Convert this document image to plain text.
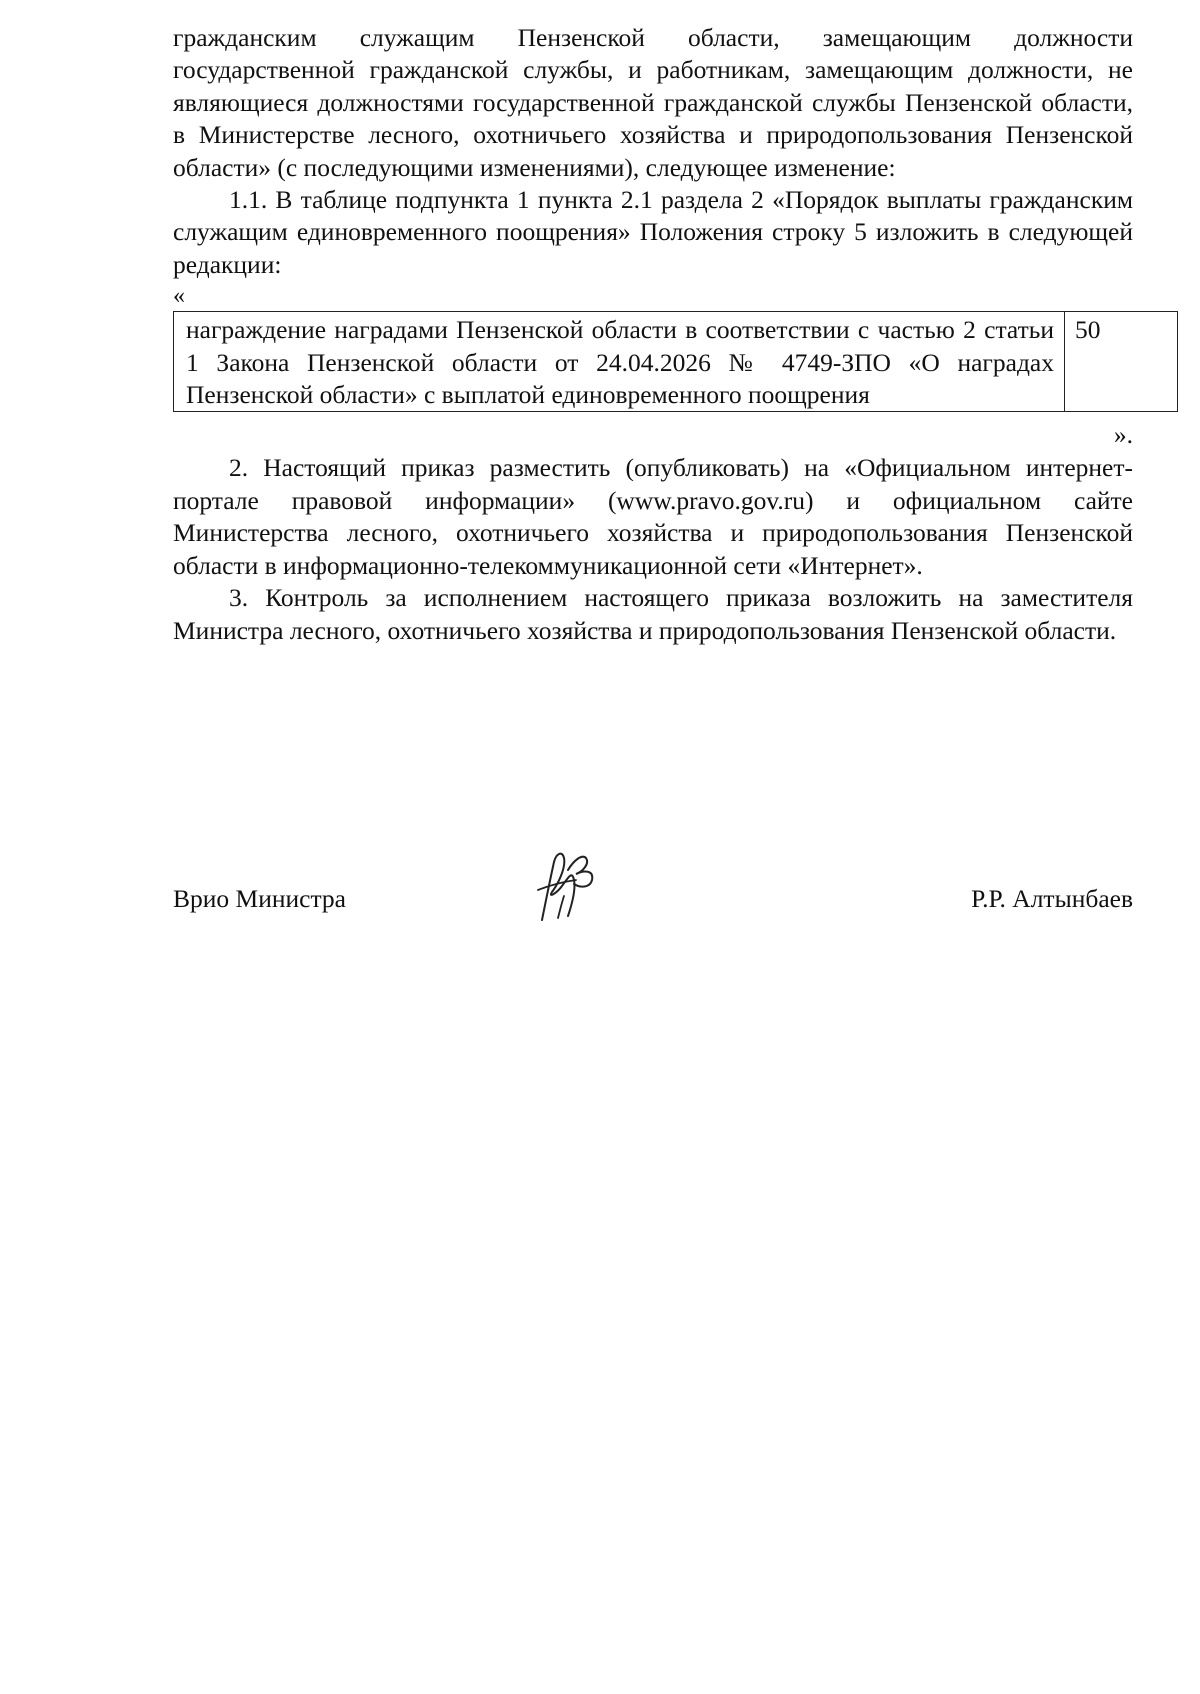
гражданским служащим Пензенской области, замещающим должности государственной гражданской службы, и работникам, замещающим должности, не являющиеся должностями государственной гражданской службы Пензенской области, в Министерстве лесного, охотничьего хозяйства и природопользования Пензенской области» (с последующими изменениями), следующее изменение:

1.1. В таблице подпункта 1 пункта 2.1 раздела 2 «Порядок выплаты гражданским служащим единовременного поощрения» Положения строку 5 изложить в следующей редакции:

«
награждение наградами Пензенской области в соответствии с частью 2 статьи 1 Закона Пензенской области от 24.04.2026 № 4749-ЗПО «О наградах Пензенской области» с выплатой единовременного поощрения	50
».

2. Настоящий приказ разместить (опубликовать) на «Официальном интернет-портале правовой информации» (www.pravo.gov.ru) и официальном сайте Министерства лесного, охотничьего хозяйства и природопользования Пензенской области в информационно-телекоммуникационной сети «Интернет».

3. Контроль за исполнением настоящего приказа возложить на заместителя Министра лесного, охотничьего хозяйства и природопользования Пензенской области.

Врио Министра	Р.Р. Алтынбаев
